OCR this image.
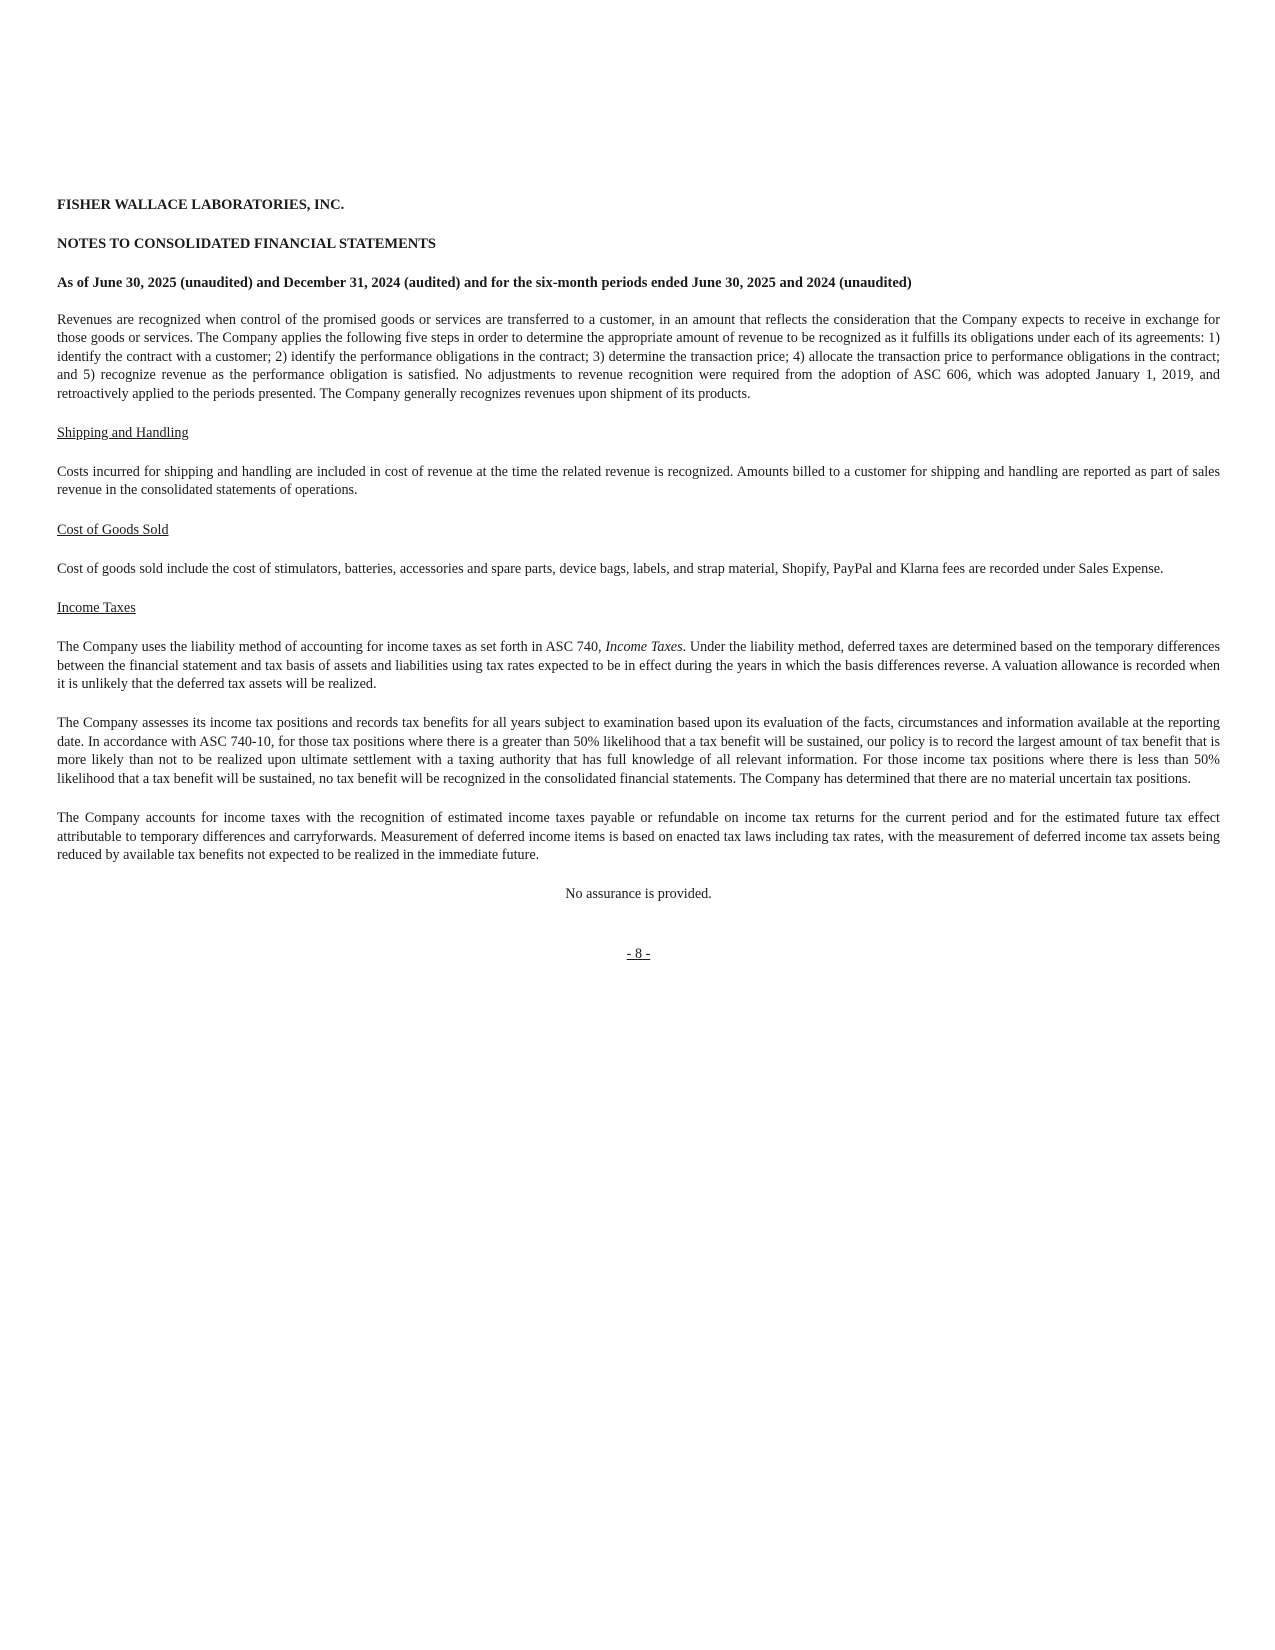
FISHER WALLACE LABORATORIES, INC.
NOTES TO CONSOLIDATED FINANCIAL STATEMENTS
As of June 30, 2025 (unaudited) and December 31, 2024 (audited) and for the six-month periods ended June 30, 2025 and 2024 (unaudited)

Revenues are recognized when control of the promised goods or services are transferred to a customer, in an amount that reflects the consideration that the Company expects to receive in exchange for those goods or services. The Company applies the following five steps in order to determine the appropriate amount of revenue to be recognized as it fulfills its obligations under each of its agreements: 1) identify the contract with a customer; 2) identify the performance obligations in the contract; 3) determine the transaction price; 4) allocate the transaction price to performance obligations in the contract; and 5) recognize revenue as the performance obligation is satisfied. No adjustments to revenue recognition were required from the adoption of ASC 606, which was adopted January 1, 2019, and retroactively applied to the periods presented. The Company generally recognizes revenues upon shipment of its products.

Shipping and Handling

Costs incurred for shipping and handling are included in cost of revenue at the time the related revenue is recognized. Amounts billed to a customer for shipping and handling are reported as part of sales revenue in the consolidated statements of operations.

Cost of Goods Sold

Cost of goods sold include the cost of stimulators, batteries, accessories and spare parts, device bags, labels, and strap material, Shopify, PayPal and Klarna fees are recorded under Sales Expense.

Income Taxes

The Company uses the liability method of accounting for income taxes as set forth in ASC 740, Income Taxes. Under the liability method, deferred taxes are determined based on the temporary differences between the financial statement and tax basis of assets and liabilities using tax rates expected to be in effect during the years in which the basis differences reverse. A valuation allowance is recorded when it is unlikely that the deferred tax assets will be realized.

The Company assesses its income tax positions and records tax benefits for all years subject to examination based upon its evaluation of the facts, circumstances and information available at the reporting date. In accordance with ASC 740-10, for those tax positions where there is a greater than 50% likelihood that a tax benefit will be sustained, our policy is to record the largest amount of tax benefit that is more likely than not to be realized upon ultimate settlement with a taxing authority that has full knowledge of all relevant information. For those income tax positions where there is less than 50% likelihood that a tax benefit will be sustained, no tax benefit will be recognized in the consolidated financial statements. The Company has determined that there are no material uncertain tax positions.

The Company accounts for income taxes with the recognition of estimated income taxes payable or refundable on income tax returns for the current period and for the estimated future tax effect attributable to temporary differences and carryforwards. Measurement of deferred income items is based on enacted tax laws including tax rates, with the measurement of deferred income tax assets being reduced by available tax benefits not expected to be realized in the immediate future.

No assurance is provided.
- 8 -
